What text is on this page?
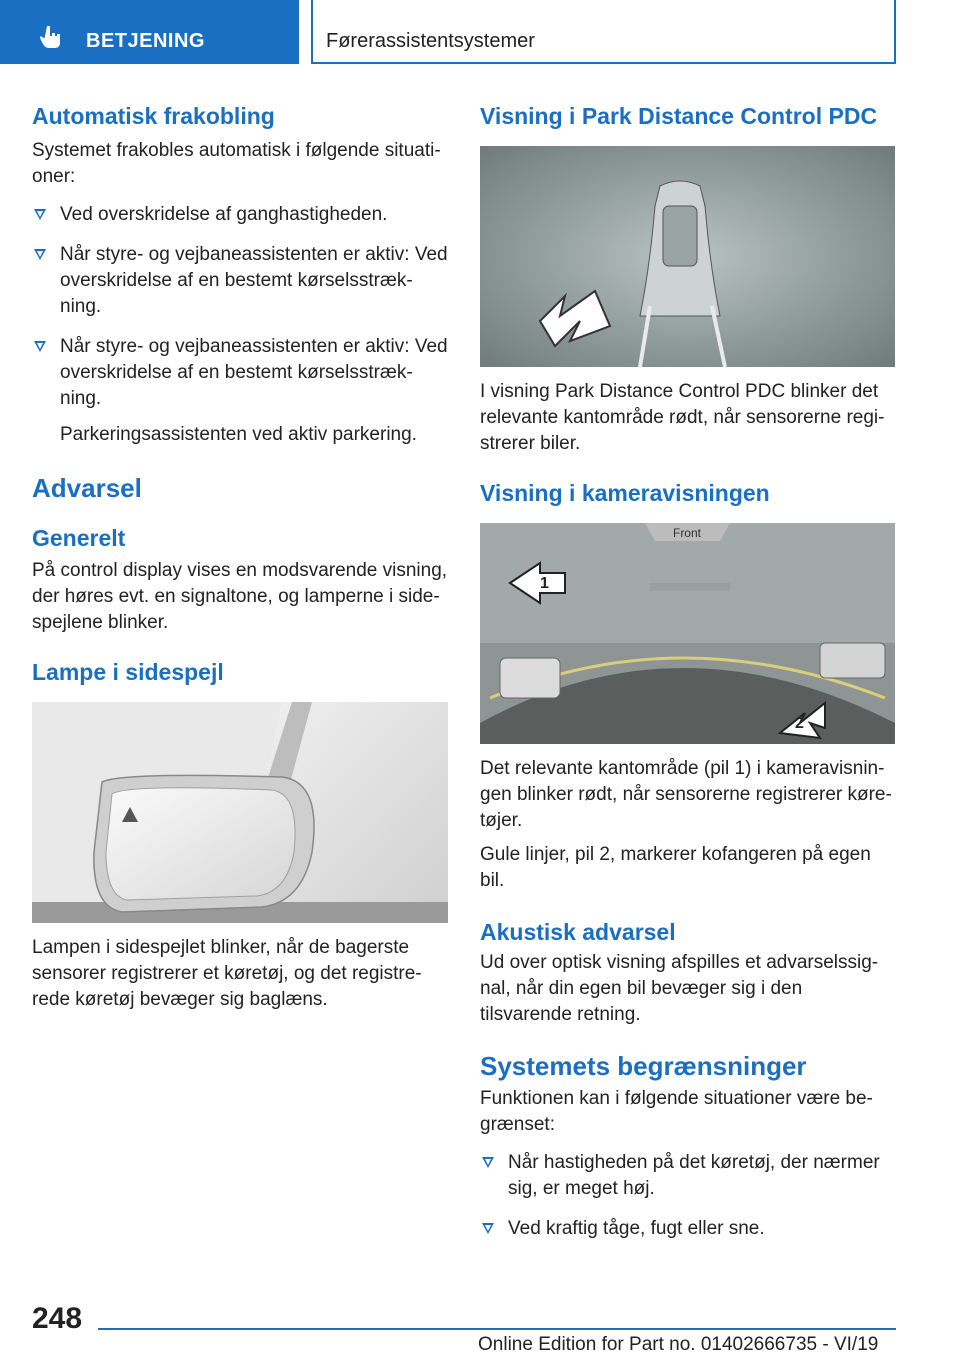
BETJENING	Førerassistentsystemer
Automatisk frakobling

Systemet frakobles automatisk i følgende situati-oner:

Ved overskridelse af ganghastigheden.
Når styre- og vejbaneassistenten er aktiv: Ved overskridelse af en bestemt kørselsstræk-ning.
Når styre- og vejbaneassistenten er aktiv: Ved overskridelse af en bestemt kørselsstræk-ning.

Parkeringsassistenten ved aktiv parkering.

Advarsel
Generelt

På control display vises en modsvarende visning, der høres evt. en signaltone, og lamperne i side-spejlene blinker.

Lampe i sidespejl

Lampen i sidespejlet blinker, når de bagerste sensorer registrerer et køretøj, og det registre-rede køretøj bevæger sig baglæns.

Visning i Park Distance Control PDC

I visning Park Distance Control PDC blinker det relevante kantområde rødt, når sensorerne regi-strerer biler.

Visning i kameravisningen
Front
1
2

Det relevante kantområde (pil 1) i kameravisnin-gen blinker rødt, når sensorerne registrerer køre-tøjer.

Gule linjer, pil 2, markerer kofangeren på egen bil.

Akustisk advarsel

Ud over optisk visning afspilles et advarselssig-nal, når din egen bil bevæger sig i den tilsvarende retning.

Systemets begrænsninger

Funktionen kan i følgende situationer være be-grænset:

Når hastigheden på det køretøj, der nærmer sig, er meget høj.
Ved kraftig tåge, fugt eller sne.
248
Online Edition for Part no. 01402666735 - VI/19
